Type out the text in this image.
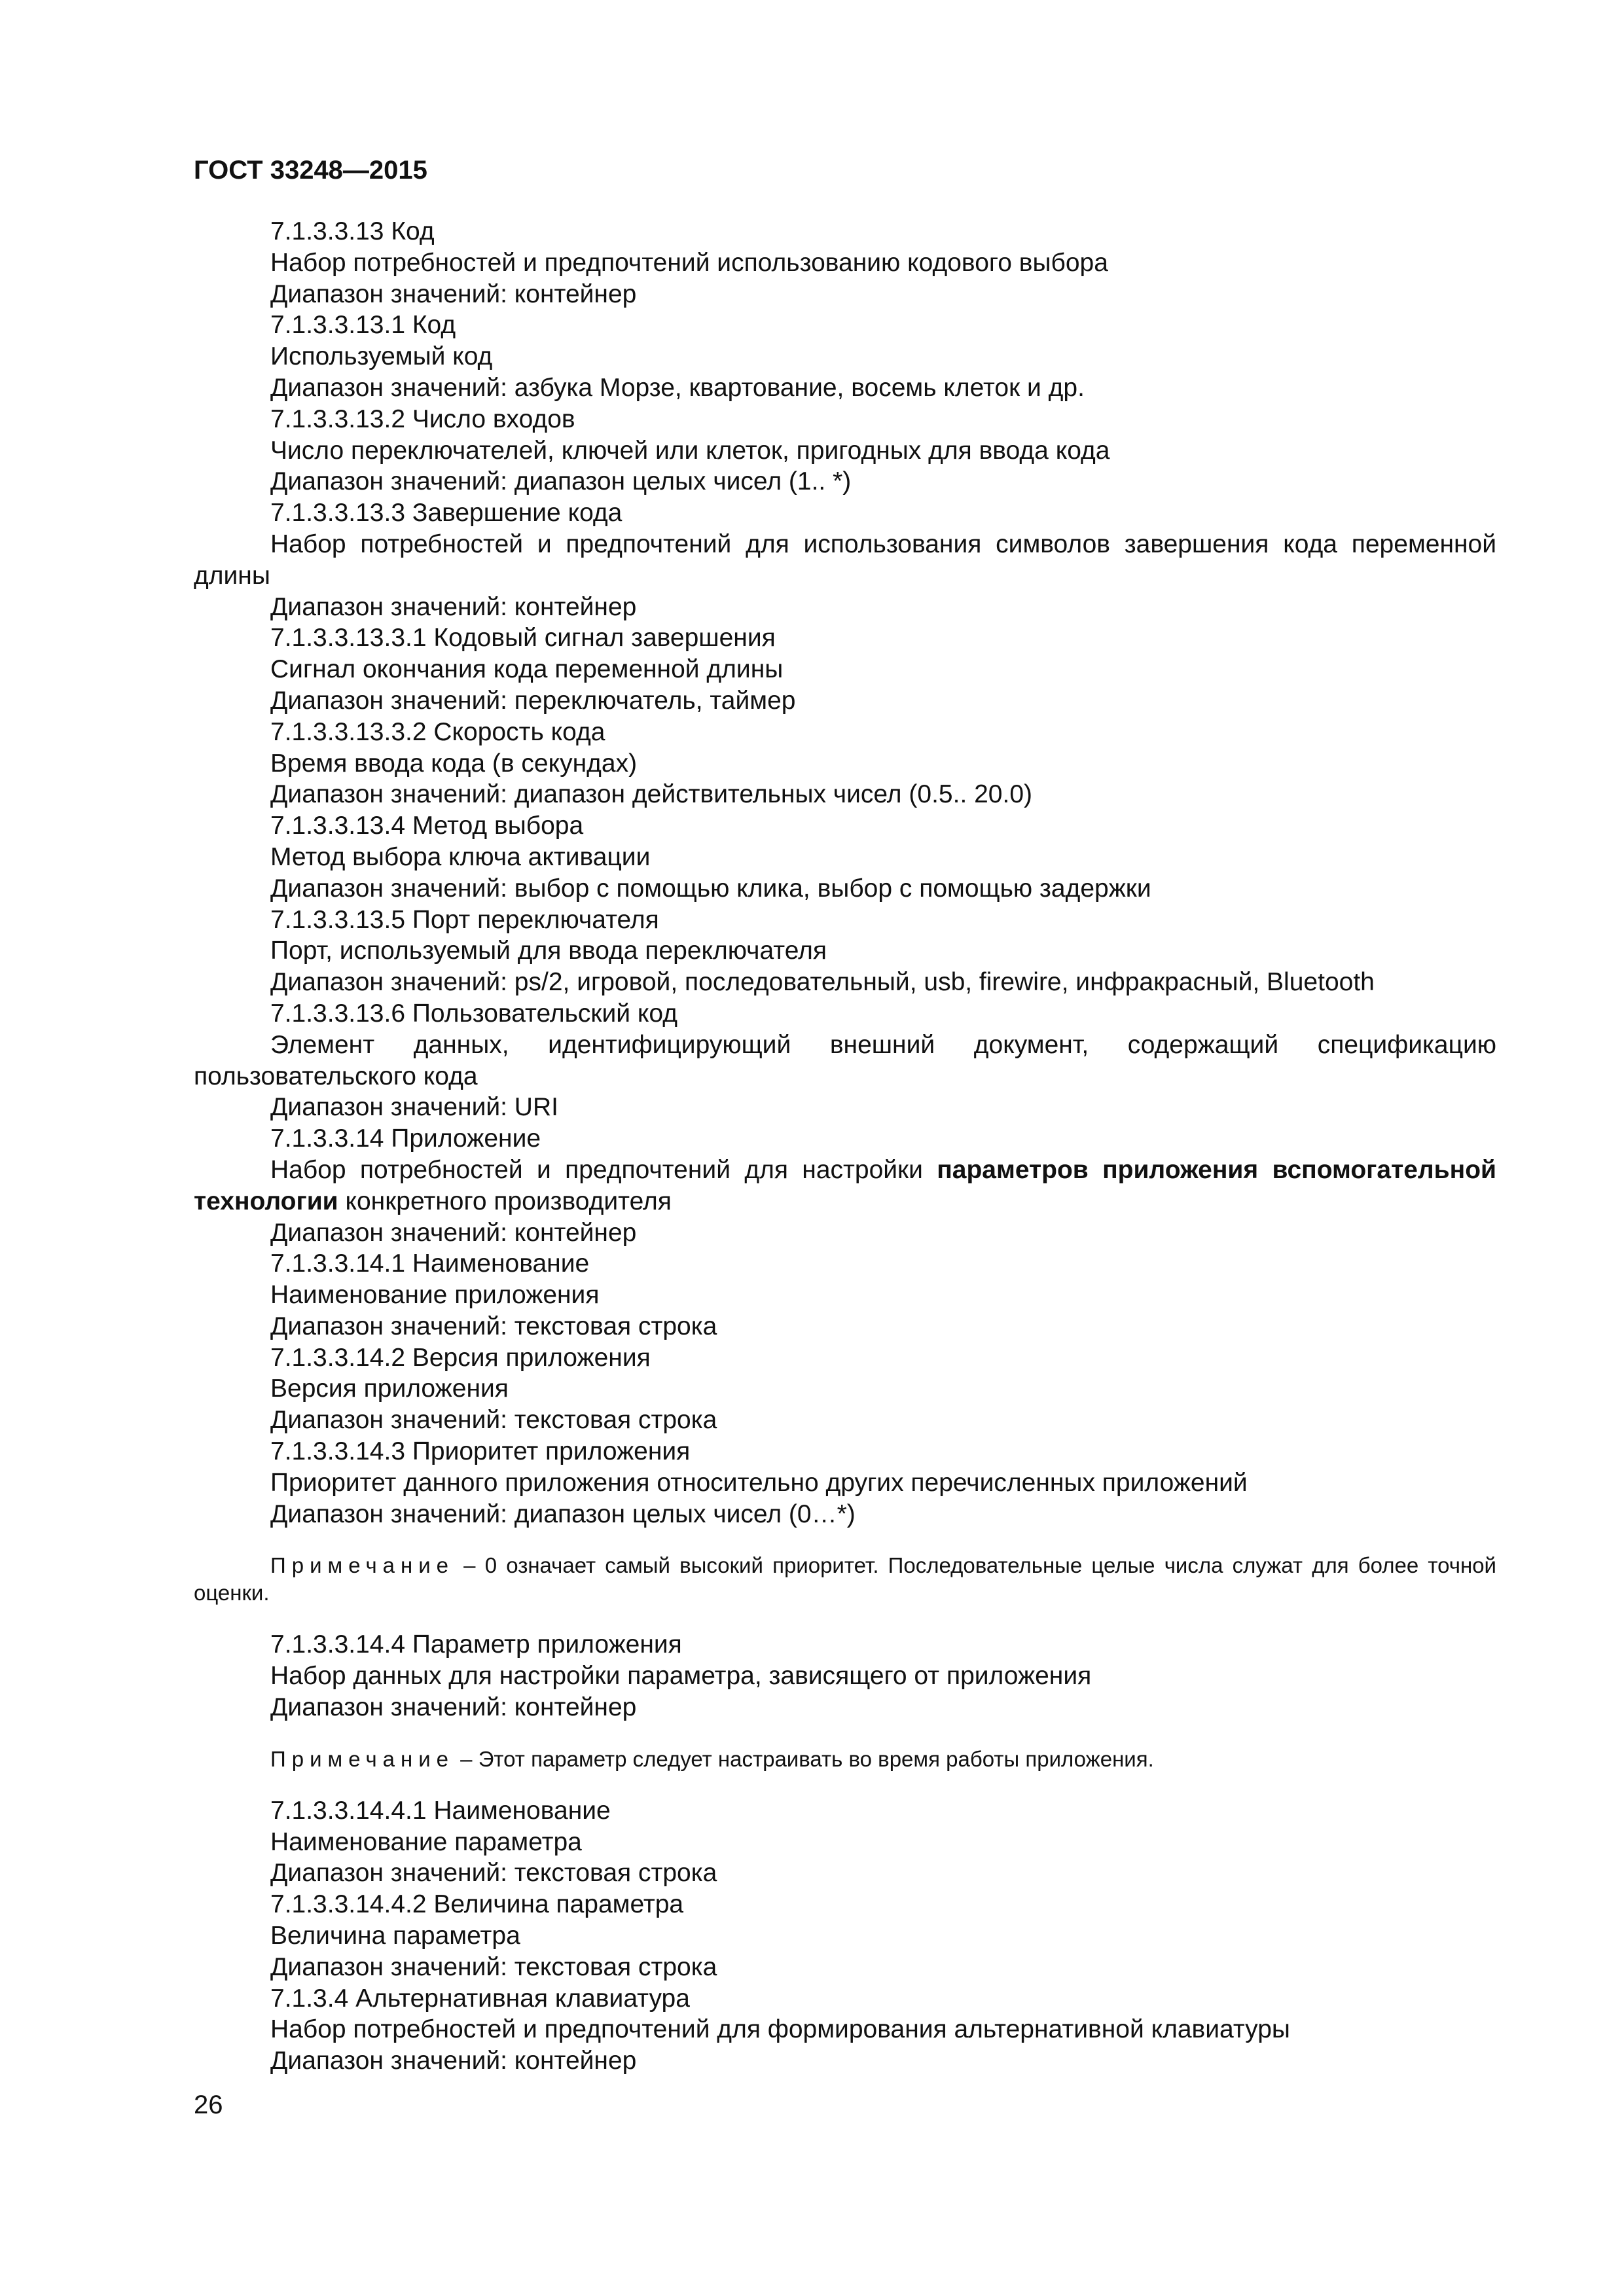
ГОСТ 33248—2015
7.1.3.3.13 Код
Набор потребностей и предпочтений использованию кодового выбора
Диапазон значений: контейнер
7.1.3.3.13.1 Код
Используемый код
Диапазон значений: азбука Морзе, квартование, восемь клеток и др.
7.1.3.3.13.2 Число входов
Число переключателей, ключей или клеток, пригодных для ввода кода
Диапазон значений: диапазон целых чисел (1.. *)
7.1.3.3.13.3 Завершение кода
Набор потребностей и предпочтений для использования символов завершения кода переменной длины
Диапазон значений: контейнер
7.1.3.3.13.3.1 Кодовый сигнал завершения
Сигнал окончания кода переменной длины
Диапазон значений: переключатель, таймер
7.1.3.3.13.3.2 Скорость кода
Время ввода кода (в секундах)
Диапазон значений: диапазон действительных чисел (0.5.. 20.0)
7.1.3.3.13.4 Метод выбора
Метод выбора ключа активации
Диапазон значений: выбор с помощью клика, выбор с помощью задержки
7.1.3.3.13.5 Порт переключателя
Порт, используемый для ввода переключателя
Диапазон значений: ps/2, игровой, последовательный, usb, firewire, инфракрасный, Bluetooth
7.1.3.3.13.6 Пользовательский код
Элемент данных, идентифицирующий внешний документ, содержащий спецификацию пользовательского кода
Диапазон значений: URI
7.1.3.3.14 Приложение
Набор потребностей и предпочтений для настройки параметров приложения вспомогательной технологии конкретного производителя
Диапазон значений: контейнер
7.1.3.3.14.1 Наименование
Наименование приложения
Диапазон значений: текстовая строка
7.1.3.3.14.2 Версия приложения
Версия приложения
Диапазон значений: текстовая строка
7.1.3.3.14.3 Приоритет приложения
Приоритет данного приложения относительно других перечисленных приложений
Диапазон значений: диапазон целых чисел (0…*)
Примечание – 0 означает самый высокий приоритет. Последовательные целые числа служат для более точной оценки.
7.1.3.3.14.4 Параметр приложения
Набор данных для настройки параметра, зависящего от приложения
Диапазон значений: контейнер
Примечание – Этот параметр следует настраивать во время работы приложения.
7.1.3.3.14.4.1 Наименование
Наименование параметра
Диапазон значений: текстовая строка
7.1.3.3.14.4.2 Величина параметра
Величина параметра
Диапазон значений: текстовая строка
7.1.3.4 Альтернативная клавиатура
Набор потребностей и предпочтений для формирования альтернативной клавиатуры
Диапазон значений: контейнер
26
